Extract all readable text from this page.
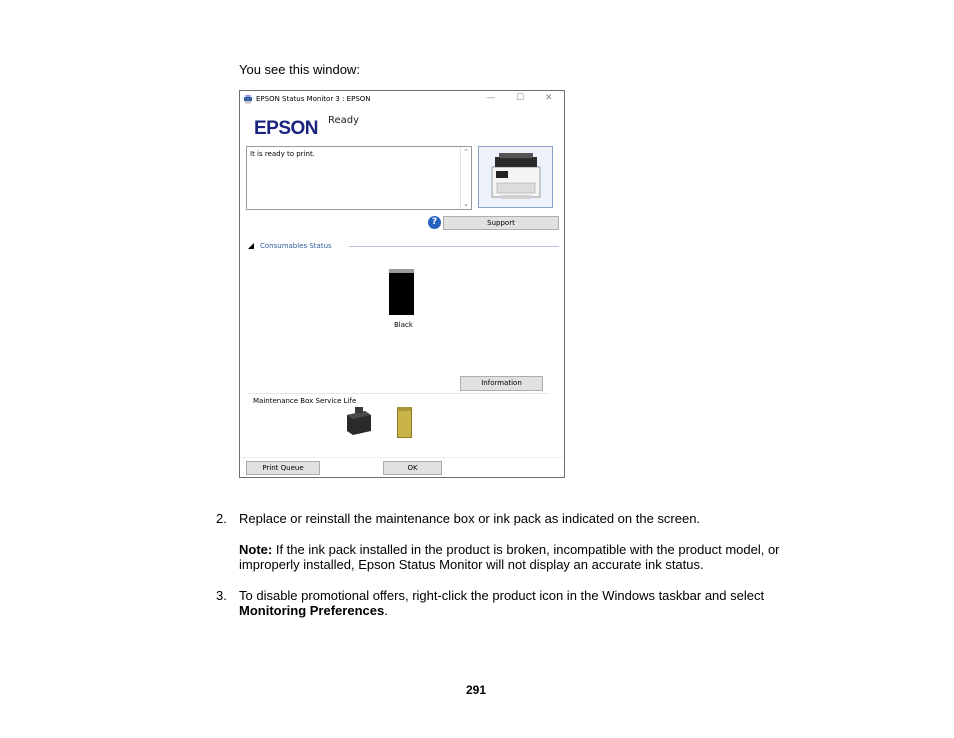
You see this window:
EPSON Status Monitor 3 : EPSON	— ☐ ✕
EPSON Ready
It is ready to print.	⌃
⌄
?	Support
Consumables Status
Black
Information
Maintenance Box Service Life
Print Queue	OK
2. Replace or reinstall the maintenance box or ink pack as indicated on the screen.
Note: If the ink pack installed in the product is broken, incompatible with the product model, or
improperly installed, Epson Status Monitor will not display an accurate ink status.
3. To disable promotional offers, right-click the product icon in the Windows taskbar and select
Monitoring Preferences.
291
